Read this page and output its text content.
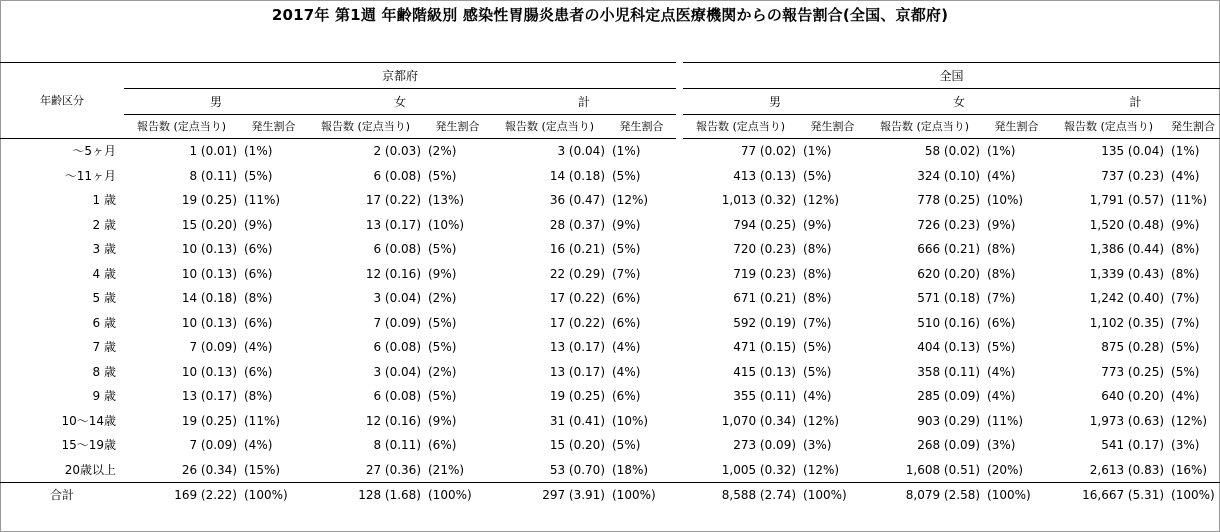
2017年 第1週 年齢階級別 感染性胃腸炎患者の小児科定点医療機関からの報告割合(全国、京都府)
年齢区分	京都府							全国					
	男		女		計			男		女		計	
	報告数 (定点当り)	発生割合	報告数 (定点当り)	発生割合	報告数 (定点当り)	発生割合		報告数 (定点当り)	発生割合	報告数 (定点当り)	発生割合	報告数 (定点当り)	発生割合
～5ヶ月	1 (0.01)	(1%)	2 (0.03)	(2%)	3 (0.04)	(1%)		77 (0.02)	(1%)	58 (0.02)	(1%)	135 (0.04)	(1%)
～11ヶ月	8 (0.11)	(5%)	6 (0.08)	(5%)	14 (0.18)	(5%)		413 (0.13)	(5%)	324 (0.10)	(4%)	737 (0.23)	(4%)
1 歳	19 (0.25)	(11%)	17 (0.22)	(13%)	36 (0.47)	(12%)		1,013 (0.32)	(12%)	778 (0.25)	(10%)	1,791 (0.57)	(11%)
2 歳	15 (0.20)	(9%)	13 (0.17)	(10%)	28 (0.37)	(9%)		794 (0.25)	(9%)	726 (0.23)	(9%)	1,520 (0.48)	(9%)
3 歳	10 (0.13)	(6%)	6 (0.08)	(5%)	16 (0.21)	(5%)		720 (0.23)	(8%)	666 (0.21)	(8%)	1,386 (0.44)	(8%)
4 歳	10 (0.13)	(6%)	12 (0.16)	(9%)	22 (0.29)	(7%)		719 (0.23)	(8%)	620 (0.20)	(8%)	1,339 (0.43)	(8%)
5 歳	14 (0.18)	(8%)	3 (0.04)	(2%)	17 (0.22)	(6%)		671 (0.21)	(8%)	571 (0.18)	(7%)	1,242 (0.40)	(7%)
6 歳	10 (0.13)	(6%)	7 (0.09)	(5%)	17 (0.22)	(6%)		592 (0.19)	(7%)	510 (0.16)	(6%)	1,102 (0.35)	(7%)
7 歳	7 (0.09)	(4%)	6 (0.08)	(5%)	13 (0.17)	(4%)		471 (0.15)	(5%)	404 (0.13)	(5%)	875 (0.28)	(5%)
8 歳	10 (0.13)	(6%)	3 (0.04)	(2%)	13 (0.17)	(4%)		415 (0.13)	(5%)	358 (0.11)	(4%)	773 (0.25)	(5%)
9 歳	13 (0.17)	(8%)	6 (0.08)	(5%)	19 (0.25)	(6%)		355 (0.11)	(4%)	285 (0.09)	(4%)	640 (0.20)	(4%)
10～14歳	19 (0.25)	(11%)	12 (0.16)	(9%)	31 (0.41)	(10%)		1,070 (0.34)	(12%)	903 (0.29)	(11%)	1,973 (0.63)	(12%)
15～19歳	7 (0.09)	(4%)	8 (0.11)	(6%)	15 (0.20)	(5%)		273 (0.09)	(3%)	268 (0.09)	(3%)	541 (0.17)	(3%)
20歳以上	26 (0.34)	(15%)	27 (0.36)	(21%)	53 (0.70)	(18%)		1,005 (0.32)	(12%)	1,608 (0.51)	(20%)	2,613 (0.83)	(16%)
合計	169 (2.22)	(100%)	128 (1.68)	(100%)	297 (3.91)	(100%)		8,588 (2.74)	(100%)	8,079 (2.58)	(100%)	16,667 (5.31)	(100%)
